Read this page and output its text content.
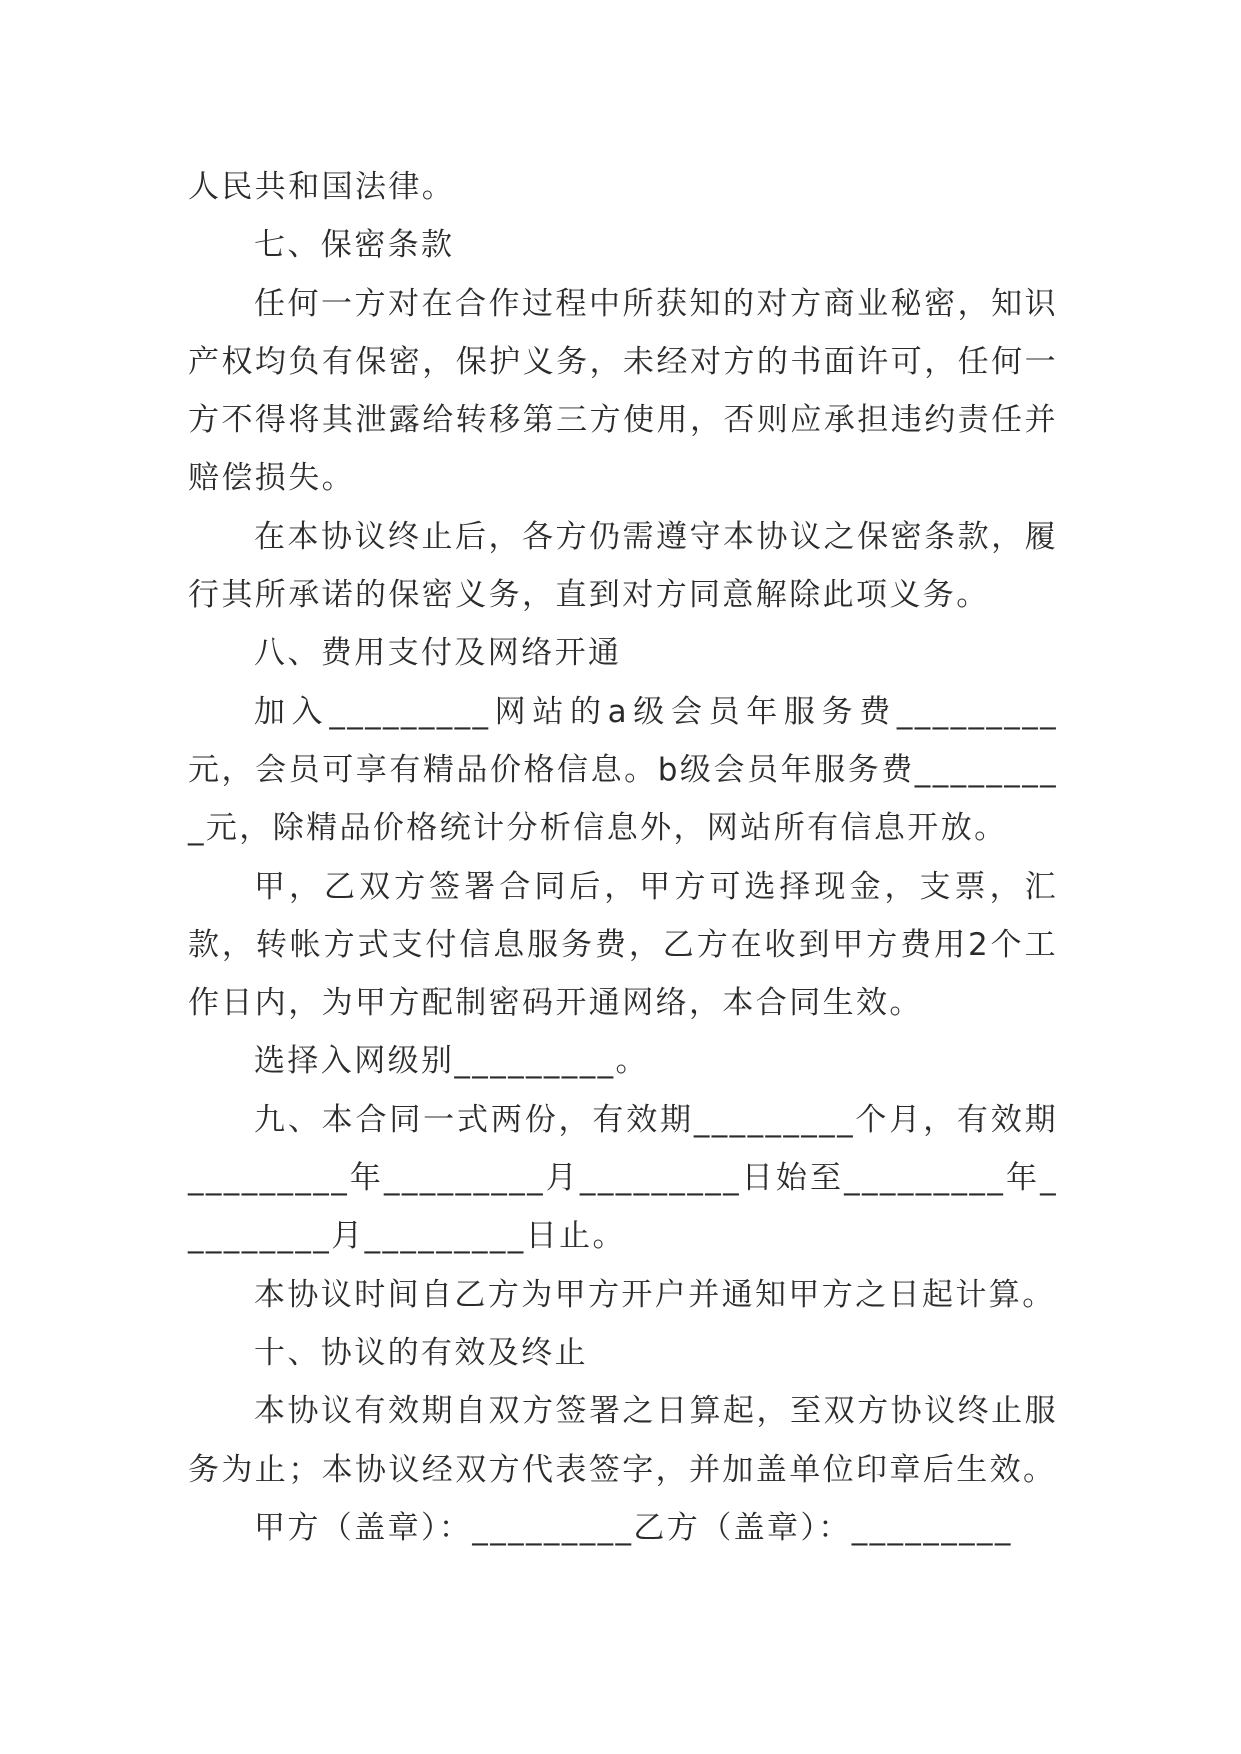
人民共和国法律。

七、保密条款

任何一方对在合作过程中所获知的对方商业秘密，知识产权均负有保密，保护义务，未经对方的书面许可，任何一方不得将其泄露给转移第三方使用，否则应承担违约责任并赔偿损失。

在本协议终止后，各方仍需遵守本协议之保密条款，履行其所承诺的保密义务，直到对方同意解除此项义务。

八、费用支付及网络开通

加入_________网站的a级会员年服务费_________元，会员可享有精品价格信息。b级会员年服务费_________元，除精品价格统计分析信息外，网站所有信息开放。

甲，乙双方签署合同后，甲方可选择现金，支票，汇款，转帐方式支付信息服务费，乙方在收到甲方费用2个工作日内，为甲方配制密码开通网络，本合同生效。

选择入网级别_________。

九、本合同一式两份，有效期_________个月，有效期_________年_________月_________日始至_________年_________月_________日止。

本协议时间自乙方为甲方开户并通知甲方之日起计算。

十、协议的有效及终止

本协议有效期自双方签署之日算起，至双方协议终止服务为止；本协议经双方代表签字，并加盖单位印章后生效。

甲方（盖章）：_________乙方（盖章）：_________
